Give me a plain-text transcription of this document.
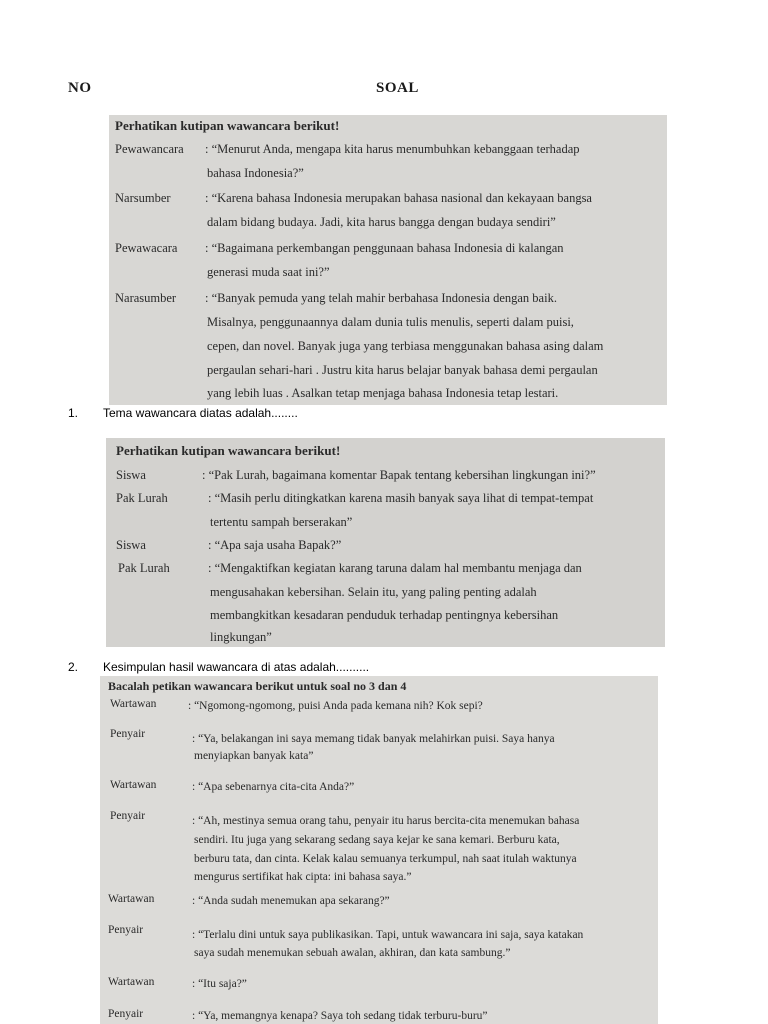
NO	SOAL
Perhatikan kutipan wawancara berikut!
Pewawancara : “Menurut Anda, mengapa kita harus menumbuhkan kebanggaan terhadap
bahasa Indonesia?”
Narsumber	: “Karena bahasa Indonesia merupakan bahasa nasional dan kekayaan bangsa
dalam bidang budaya. Jadi, kita harus bangga dengan budaya sendiri”
Pewawacara : “Bagaimana perkembangan penggunaan bahasa Indonesia di kalangan
generasi muda saat ini?”
Narasumber : “Banyak pemuda yang telah mahir berbahasa Indonesia dengan baik.
Misalnya, penggunaannya dalam dunia tulis menulis, seperti dalam puisi,
cepen, dan novel. Banyak juga yang terbiasa menggunakan bahasa asing dalam
pergaulan sehari-hari . Justru kita harus belajar banyak bahasa demi pergaulan
yang lebih luas . Asalkan tetap menjaga bahasa Indonesia tetap lestari.
1. Tema wawancara diatas adalah........
Perhatikan kutipan wawancara berikut!
Siswa	: “Pak Lurah, bagaimana komentar Bapak tentang kebersihan lingkungan ini?”
Pak Lurah	: “Masih perlu ditingkatkan karena masih banyak saya lihat di tempat-tempat
tertentu sampah berserakan”
Siswa	: “Apa saja usaha Bapak?”
Pak Lurah	: “Mengaktifkan kegiatan karang taruna dalam hal membantu menjaga dan
mengusahakan kebersihan. Selain itu, yang paling penting adalah
membangkitkan kesadaran penduduk terhadap pentingnya kebersihan
lingkungan”
2. Kesimpulan hasil wawancara di atas adalah..........
Bacalah petikan wawancara berikut untuk soal no 3 dan 4
Wartawan	: “Ngomong-ngomong, puisi Anda pada kemana nih? Kok sepi?
Penyair	: “Ya, belakangan ini saya memang tidak banyak melahirkan puisi. Saya hanya
menyiapkan banyak kata”
Wartawan	: “Apa sebenarnya cita-cita Anda?”
Penyair	: “Ah, mestinya semua orang tahu, penyair itu harus bercita-cita menemukan bahasa
sendiri. Itu juga yang sekarang sedang saya kejar ke sana kemari. Berburu kata,
berburu tata, dan cinta. Kelak kalau semuanya terkumpul, nah saat itulah waktunya
mengurus sertifikat hak cipta: ini bahasa saya.”
Wartawan	: “Anda sudah menemukan apa sekarang?”
Penyair	: “Terlalu dini untuk saya publikasikan. Tapi, untuk wawancara ini saja, saya katakan
saya sudah menemukan sebuah awalan, akhiran, dan kata sambung.”
Wartawan	: “Itu saja?”
Penyair	: “Ya, memangnya kenapa? Saya toh sedang tidak terburu-buru”
